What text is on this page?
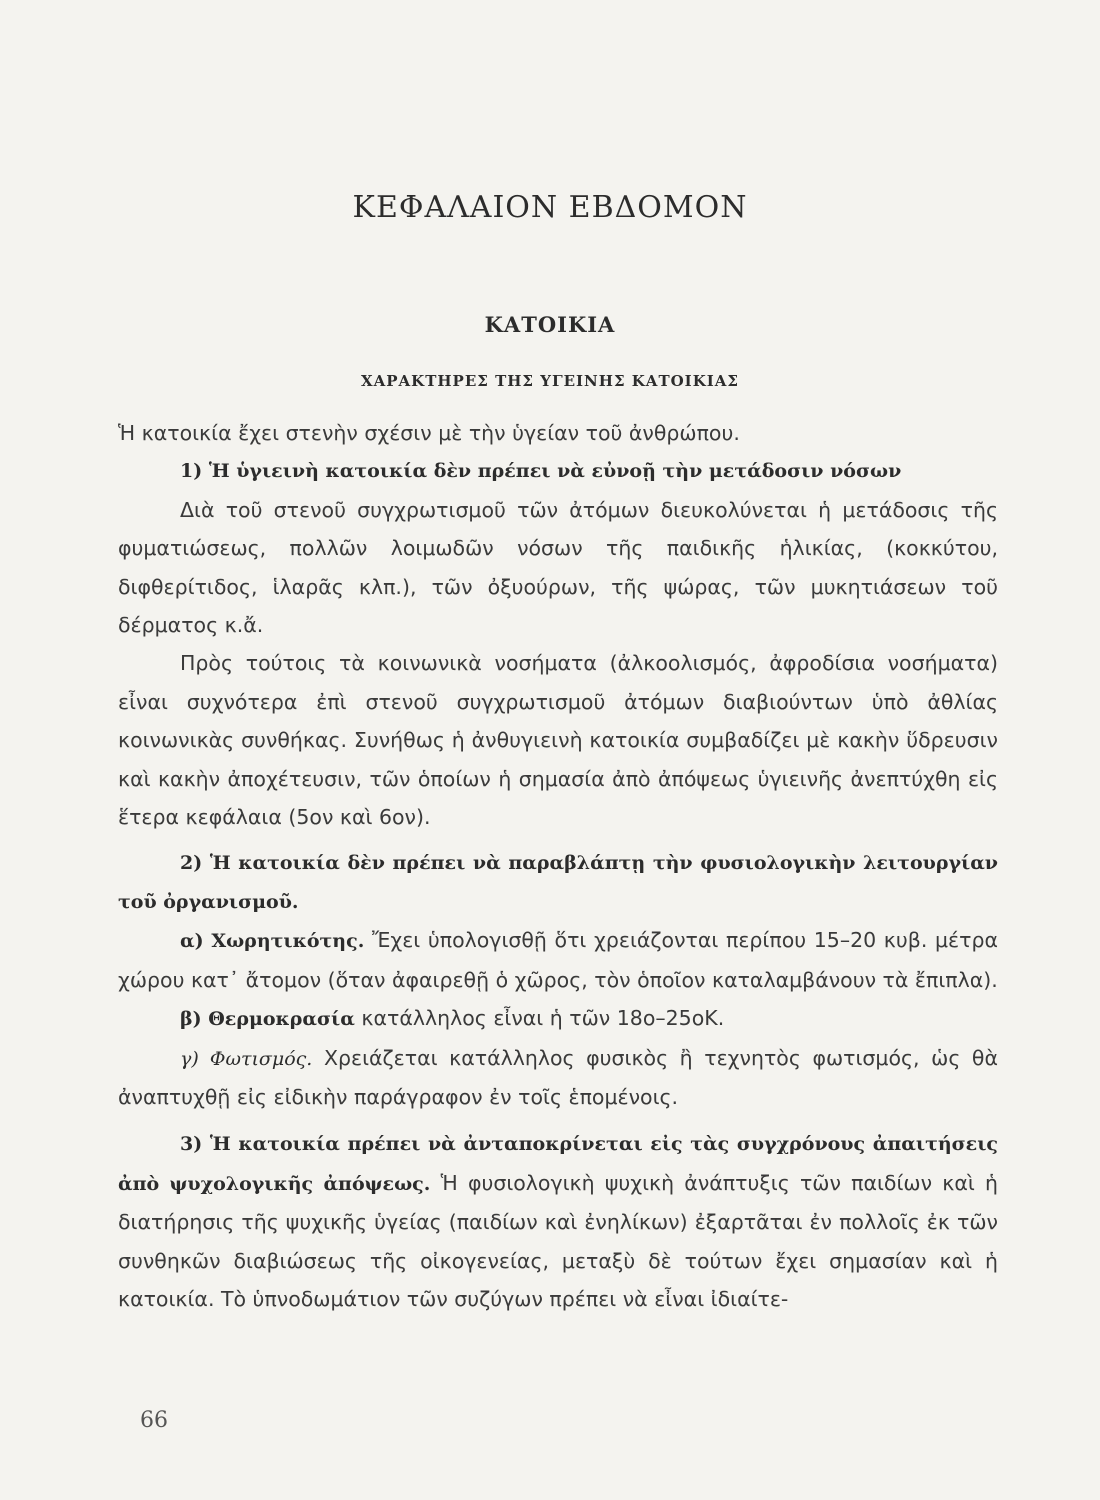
ΚΕΦΑΛΑΙΟΝ ΕΒΔΟΜΟΝ
ΚΑΤΟΙΚΙΑ
ΧΑΡΑΚΤΗΡΕΣ ΤΗΣ ΥΓΕΙΝΗΣ ΚΑΤΟΙΚΙΑΣ

Ἡ κατοικία ἔχει στενὴν σχέσιν μὲ τὴν ὑγείαν τοῦ ἀνθρώπου.

1) Ἡ ὑγιεινὴ κατοικία δὲν πρέπει νὰ εὐνοῇ τὴν μετάδοσιν νόσων

Διὰ τοῦ στενοῦ συγχρωτισμοῦ τῶν ἀτόμων διευκολύνεται ἡ μετάδοσις τῆς φυματιώσεως, πολλῶν λοιμωδῶν νόσων τῆς παιδικῆς ἡλικίας, (κοκκύτου, διφθερίτιδος, ἱλαρᾶς κλπ.), τῶν ὀξυούρων, τῆς ψώρας, τῶν μυκητιάσεων τοῦ δέρματος κ.ἄ.

Πρὸς τούτοις τὰ κοινωνικὰ νοσήματα (ἀλκοολισμός, ἀφροδίσια νοσήματα) εἶναι συχνότερα ἐπὶ στενοῦ συγχρωτισμοῦ ἀτόμων διαβιούντων ὑπὸ ἀθλίας κοινωνικὰς συνθήκας. Συνήθως ἡ ἀνθυγιεινὴ κατοικία συμβαδίζει μὲ κακὴν ὕδρευσιν καὶ κακὴν ἀποχέτευσιν, τῶν ὁποίων ἡ σημασία ἀπὸ ἀπόψεως ὑγιεινῆς ἀνεπτύχθη εἰς ἕτερα κεφάλαια (5ον καὶ 6ον).

2) Ἡ κατοικία δὲν πρέπει νὰ παραβλάπτῃ τὴν φυσιολογικὴν λειτουργίαν τοῦ ὀργανισμοῦ.

α) Χωρητικότης. Ἔχει ὑπολογισθῇ ὅτι χρειάζονται περίπου 15–20 κυβ. μέτρα χώρου κατ᾽ ἄτομον (ὅταν ἀφαιρεθῇ ὁ χῶρος, τὸν ὁποῖον καταλαμβάνουν τὰ ἔπιπλα).

β) Θερμοκρασία κατάλληλος εἶναι ἡ τῶν 18ο–25οΚ.

γ) Φωτισμός. Χρειάζεται κατάλληλος φυσικὸς ἢ τεχνητὸς φωτισμός, ὡς θὰ ἀναπτυχθῇ εἰς εἰδικὴν παράγραφον ἐν τοῖς ἑπομένοις.

3) Ἡ κατοικία πρέπει νὰ ἀνταποκρίνεται εἰς τὰς συγχρόνους ἀπαιτήσεις ἀπὸ ψυχολογικῆς ἀπόψεως. Ἡ φυσιολογικὴ ψυχικὴ ἀνάπτυξις τῶν παιδίων καὶ ἡ διατήρησις τῆς ψυχικῆς ὑγείας (παιδίων καὶ ἐνηλίκων) ἐξαρτᾶται ἐν πολλοῖς ἐκ τῶν συνθηκῶν διαβιώσεως τῆς οἰκογενείας, μεταξὺ δὲ τούτων ἔχει σημασίαν καὶ ἡ κατοικία. Τὸ ὑπνοδωμάτιον τῶν συζύγων πρέπει νὰ εἶναι ἰδιαίτε-

66
